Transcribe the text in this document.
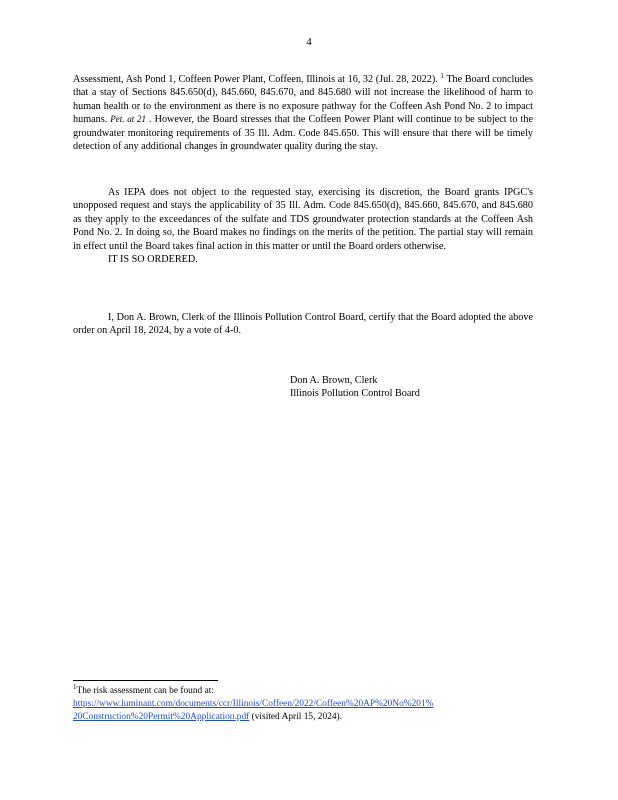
4

Assessment, Ash Pond 1, Coffeen Power Plant, Coffeen, Illinois at 16, 32 (Jul. 28, 2022). $^1$ The Board concludes that a stay of Sections 845.650(d), 845.660, 845.670, and 845.680 will not increase the likelihood of harm to human health or to the environment as there is no exposure pathway for the Coffeen Ash Pond No. 2 to impact humans. Pet. at 21 . However, the Board stresses that the Coffeen Power Plant will continue to be subject to the groundwater monitoring requirements of 35 Ill. Adm. Code 845.650. This will ensure that there will be timely detection of any additional changes in groundwater quality during the stay.

As IEPA does not object to the requested stay, exercising its discretion, the Board grants IPGC's unopposed request and stays the applicability of 35 Ill. Adm. Code 845.650(d), 845.660, 845.670, and 845.680 as they apply to the exceedances of the sulfate and TDS groundwater protection standards at the Coffeen Ash Pond No. 2. In doing so, the Board makes no findings on the merits of the petition. The partial stay will remain in effect until the Board takes final action in this matter or until the Board orders otherwise.

IT IS SO ORDERED.

I, Don A. Brown, Clerk of the Illinois Pollution Control Board, certify that the Board adopted the above order on April 18, 2024, by a vote of 4-0.

Don A. Brown, Clerk
Illinois Pollution Control Board
$^1$The risk assessment can be found at:
https://www.luminant.com/documents/ccr/Illinois/Coffeen/2022/Coffeen%20AP%20No%201%
20Construction%20Permit%20Application.pdf (visited April 15, 2024).
